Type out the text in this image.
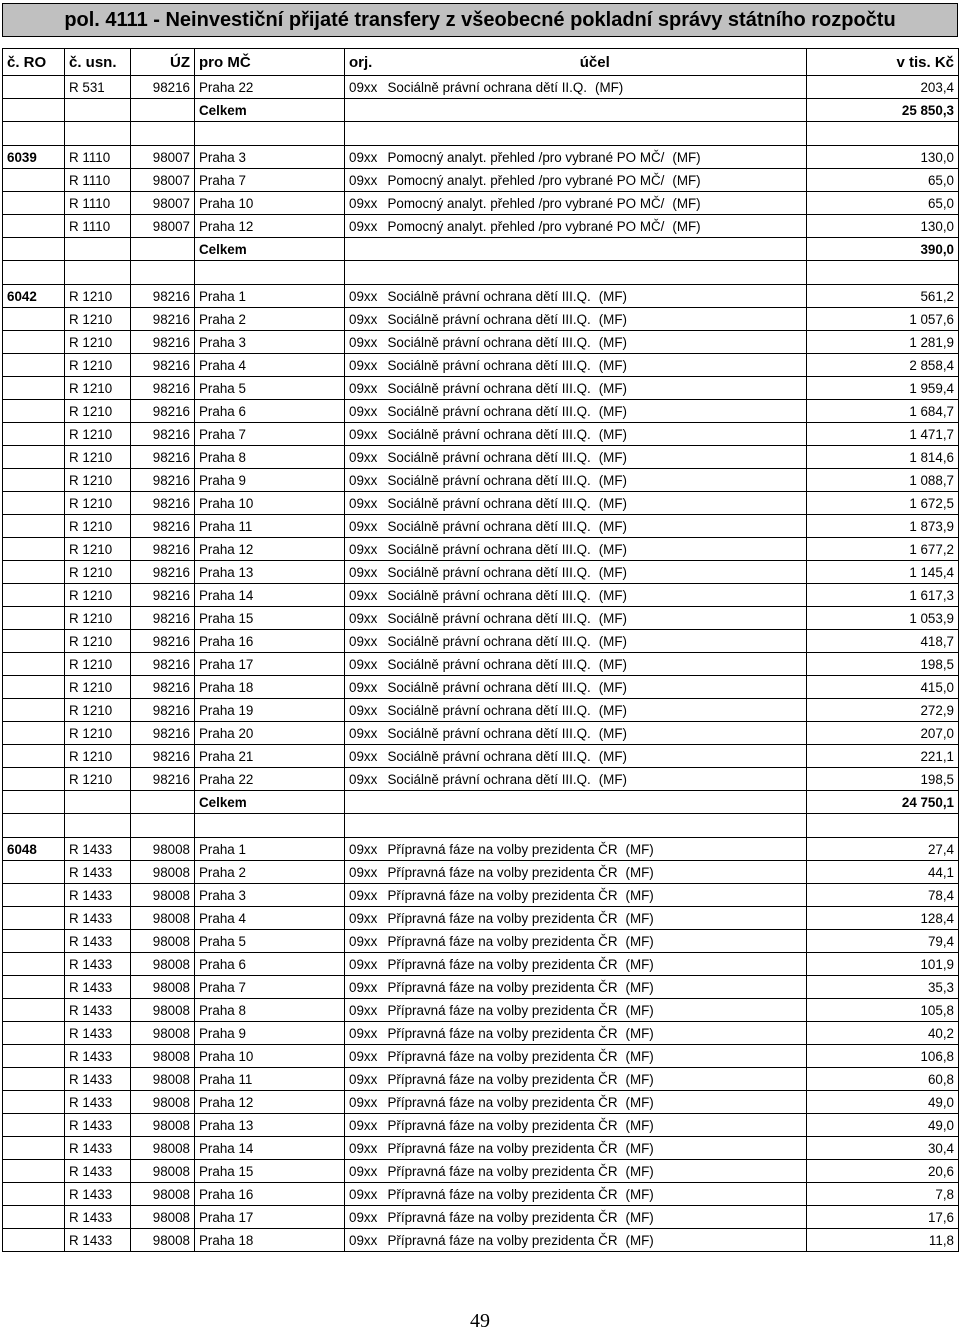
pol. 4111 - Neinvestiční přijaté transfery z všeobecné pokladní správy státního rozpočtu
č. RO	č. usn.	ÚZ	pro MČ	orj.	účel	v tis. Kč
	R 531	98216	Praha 22	09xx	Sociálně právní ochrana dětí II.Q. (MF)	203,4
			Celkem			25 850,3

6039	R 1110	98007	Praha 3	09xx	Pomocný analyt. přehled /pro vybrané PO MČ/ (MF)	130,0
	R 1110	98007	Praha 7	09xx	Pomocný analyt. přehled /pro vybrané PO MČ/ (MF)	65,0
	R 1110	98007	Praha 10	09xx	Pomocný analyt. přehled /pro vybrané PO MČ/ (MF)	65,0
	R 1110	98007	Praha 12	09xx	Pomocný analyt. přehled /pro vybrané PO MČ/ (MF)	130,0
			Celkem			390,0

6042	R 1210	98216	Praha 1	09xx	Sociálně právní ochrana dětí III.Q. (MF)	561,2
	R 1210	98216	Praha 2	09xx	Sociálně právní ochrana dětí III.Q. (MF)	1 057,6
	R 1210	98216	Praha 3	09xx	Sociálně právní ochrana dětí III.Q. (MF)	1 281,9
	R 1210	98216	Praha 4	09xx	Sociálně právní ochrana dětí III.Q. (MF)	2 858,4
	R 1210	98216	Praha 5	09xx	Sociálně právní ochrana dětí III.Q. (MF)	1 959,4
	R 1210	98216	Praha 6	09xx	Sociálně právní ochrana dětí III.Q. (MF)	1 684,7
	R 1210	98216	Praha 7	09xx	Sociálně právní ochrana dětí III.Q. (MF)	1 471,7
	R 1210	98216	Praha 8	09xx	Sociálně právní ochrana dětí III.Q. (MF)	1 814,6
	R 1210	98216	Praha 9	09xx	Sociálně právní ochrana dětí III.Q. (MF)	1 088,7
	R 1210	98216	Praha 10	09xx	Sociálně právní ochrana dětí III.Q. (MF)	1 672,5
	R 1210	98216	Praha 11	09xx	Sociálně právní ochrana dětí III.Q. (MF)	1 873,9
	R 1210	98216	Praha 12	09xx	Sociálně právní ochrana dětí III.Q. (MF)	1 677,2
	R 1210	98216	Praha 13	09xx	Sociálně právní ochrana dětí III.Q. (MF)	1 145,4
	R 1210	98216	Praha 14	09xx	Sociálně právní ochrana dětí III.Q. (MF)	1 617,3
	R 1210	98216	Praha 15	09xx	Sociálně právní ochrana dětí III.Q. (MF)	1 053,9
	R 1210	98216	Praha 16	09xx	Sociálně právní ochrana dětí III.Q. (MF)	418,7
	R 1210	98216	Praha 17	09xx	Sociálně právní ochrana dětí III.Q. (MF)	198,5
	R 1210	98216	Praha 18	09xx	Sociálně právní ochrana dětí III.Q. (MF)	415,0
	R 1210	98216	Praha 19	09xx	Sociálně právní ochrana dětí III.Q. (MF)	272,9
	R 1210	98216	Praha 20	09xx	Sociálně právní ochrana dětí III.Q. (MF)	207,0
	R 1210	98216	Praha 21	09xx	Sociálně právní ochrana dětí III.Q. (MF)	221,1
	R 1210	98216	Praha 22	09xx	Sociálně právní ochrana dětí III.Q. (MF)	198,5
			Celkem			24 750,1

6048	R 1433	98008	Praha 1	09xx	Přípravná fáze na volby prezidenta ČR (MF)	27,4
	R 1433	98008	Praha 2	09xx	Přípravná fáze na volby prezidenta ČR (MF)	44,1
	R 1433	98008	Praha 3	09xx	Přípravná fáze na volby prezidenta ČR (MF)	78,4
	R 1433	98008	Praha 4	09xx	Přípravná fáze na volby prezidenta ČR (MF)	128,4
	R 1433	98008	Praha 5	09xx	Přípravná fáze na volby prezidenta ČR (MF)	79,4
	R 1433	98008	Praha 6	09xx	Přípravná fáze na volby prezidenta ČR (MF)	101,9
	R 1433	98008	Praha 7	09xx	Přípravná fáze na volby prezidenta ČR (MF)	35,3
	R 1433	98008	Praha 8	09xx	Přípravná fáze na volby prezidenta ČR (MF)	105,8
	R 1433	98008	Praha 9	09xx	Přípravná fáze na volby prezidenta ČR (MF)	40,2
	R 1433	98008	Praha 10	09xx	Přípravná fáze na volby prezidenta ČR (MF)	106,8
	R 1433	98008	Praha 11	09xx	Přípravná fáze na volby prezidenta ČR (MF)	60,8
	R 1433	98008	Praha 12	09xx	Přípravná fáze na volby prezidenta ČR (MF)	49,0
	R 1433	98008	Praha 13	09xx	Přípravná fáze na volby prezidenta ČR (MF)	49,0
	R 1433	98008	Praha 14	09xx	Přípravná fáze na volby prezidenta ČR (MF)	30,4
	R 1433	98008	Praha 15	09xx	Přípravná fáze na volby prezidenta ČR (MF)	20,6
	R 1433	98008	Praha 16	09xx	Přípravná fáze na volby prezidenta ČR (MF)	7,8
	R 1433	98008	Praha 17	09xx	Přípravná fáze na volby prezidenta ČR (MF)	17,6
	R 1433	98008	Praha 18	09xx	Přípravná fáze na volby prezidenta ČR (MF)	11,8
49
